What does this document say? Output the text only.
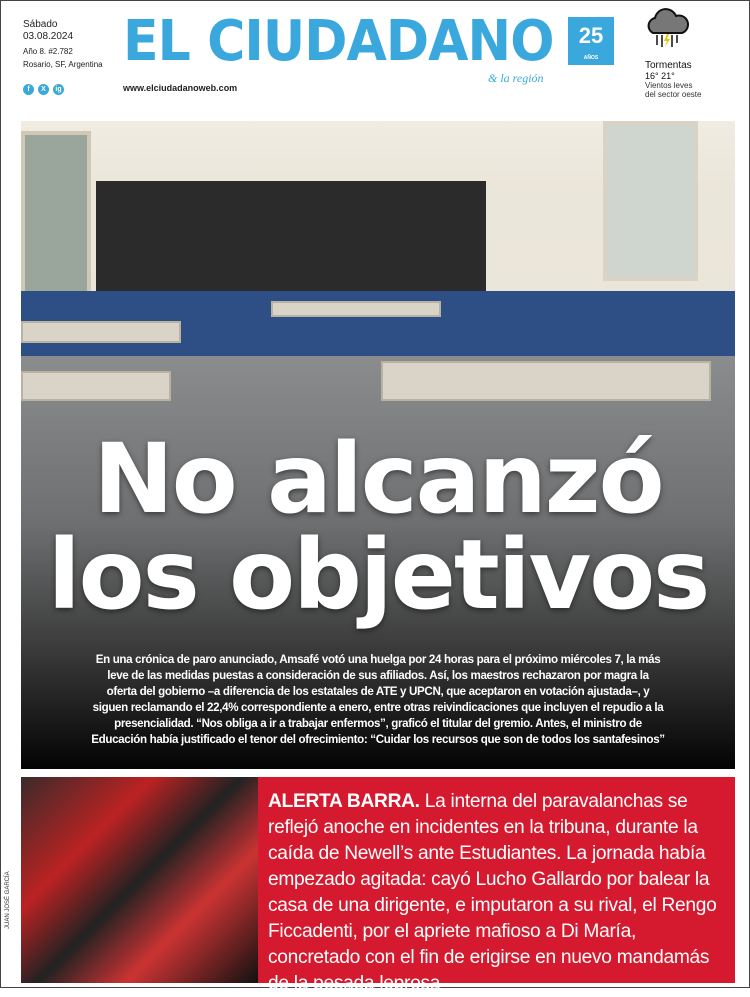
Sábado
03.08.2024
Año 8. #2.782
Rosario, SF, Argentina
f	X	ig
EL CIUDADANO	25
AÑOS
& la región
www.elciudadanoweb.com
Tormentas
16° 21°
Vientos leves
del sector oeste
No alcanzó
los objetivos
En una crónica de paro anunciado, Amsafé votó una huelga por 24 horas para el próximo miércoles 7, la más leve de las medidas puestas a consideración de sus afiliados. Así, los maestros rechazaron por magra la oferta del gobierno –a diferencia de los estatales de ATE y UPCN, que aceptaron en votación ajustada–, y siguen reclamando el 22,4% correspondiente a enero, entre otras reivindicaciones que incluyen el repudio a la presencialidad. “Nos obliga a ir a trabajar enfermos”, graficó el titular del gremio. Antes, el ministro de Educación había justificado el tenor del ofrecimiento: “Cuidar los recursos que son de todos los santafesinos”
JUAN JOSÉ GARCÍA
ALERTA BARRA. La interna del paravalanchas se reflejó anoche en incidentes en la tribuna, durante la caída de Newell’s ante Estudiantes. La jornada había empezado agitada: cayó Lucho Gallardo por balear la casa de una dirigente, e imputaron a su rival, el Rengo Ficcadenti, por el apriete mafioso a Di María, concretado con el fin de erigirse en nuevo mandamás de la pesada leprosa
